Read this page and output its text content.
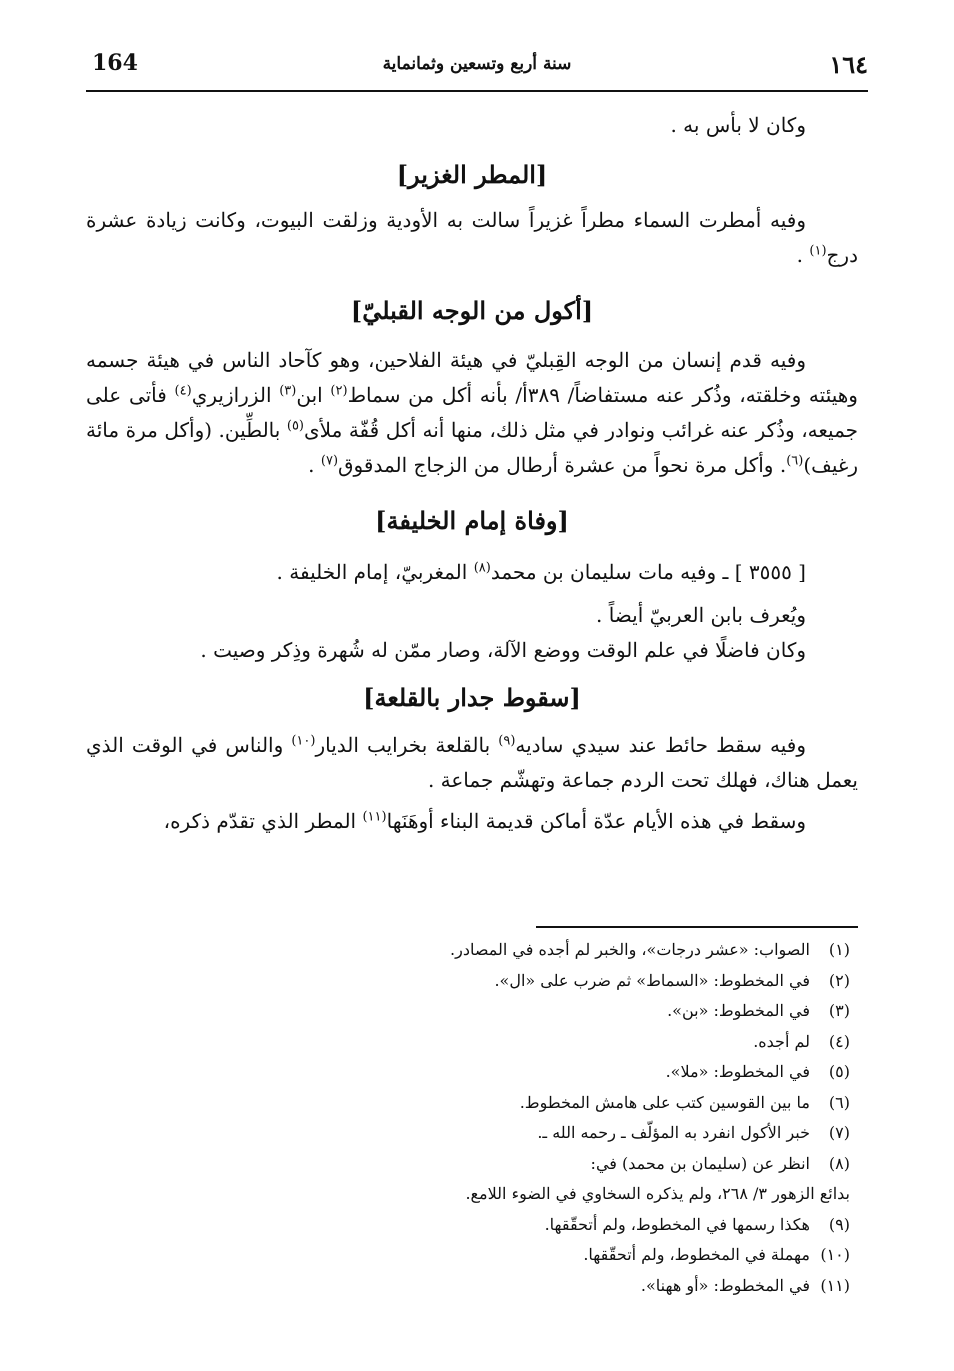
164	سنة أربع وتسعين وثمانماية	١٦٤

وكان لا بأس به .

[المطر الغزير]

وفيه أمطرت السماء مطراً غزيراً سالت به الأودية وزلقت البيوت، وكانت زيادة عشرة درج$^{(١)}$ .

[أكول من الوجه القبليّ]

وفيه قدم إنسان من الوجه القِبليّ في هيئة الفلاحين، وهو كآحاد الناس في هيئة جسمه وهيئته وخلقته، وذُكر عنه مستفاضاً/ ٣٨٩أ/ بأنه أكل من سماط$^{(٢)}$ ابن$^{(٣)}$ الزرازيري$^{(٤)}$ فأتى على جميعه، وذُكر عنه غرائب ونوادر في مثل ذلك، منها أنه أكل قُفّة ملأى$^{(٥)}$ بالطِّين. (وأكل مرة مائة رغيف)$^{(٦)}$. وأكل مرة نحواً من عشرة أرطال من الزجاج المدقوق$^{(٧)}$ .

[وفاة إمام الخليفة]

[ ٣٥٥٥ ] ـ وفيه مات سليمان بن محمد$^{(٨)}$ المغربيّ، إمام الخليفة .

ويُعرف بابن العربيّ أيضاً .

وكان فاضلًا في علم الوقت ووضع الآلة، وصار ممّن له شُهرة وذِكر وصيت .

[سقوط جدار بالقلعة]

وفيه سقط حائط عند سيدي ساديه$^{(٩)}$ بالقلعة بخرايب الديار$^{(١٠)}$ والناس في الوقت الذي يعمل هناك، فهلك تحت الردم جماعة وتهشّم جماعة .

وسقط في هذه الأيام عدّة أماكن قديمة البناء أوهَنَها$^{(١١)}$ المطر الذي تقدّم ذكره،

(١)
الصواب: «عشر درجات»، والخبر لم أجده في المصادر.
(٢)
في المخطوط: «السماط» ثم ضرب على «ال».
(٣)
في المخطوط: «بن».
(٤)
لم أجده.
(٥)
في المخطوط: «ملا».
(٦)
ما بين القوسين كتب على هامش المخطوط.
(٧)
خبر الأكول انفرد به المؤلّف ـ رحمه الله ـ.
(٨)
انظر عن (سليمان بن محمد) في:
بدائع الزهور ٣/ ٢٦٨، ولم يذكره السخاوي في الضوء اللامع.
(٩)
هكذا رسمها في المخطوط، ولم أتحقّقها.
(١٠)
مهملة في المخطوط، ولم أتحقّقها.
(١١)
في المخطوط: «أو ههنا».
